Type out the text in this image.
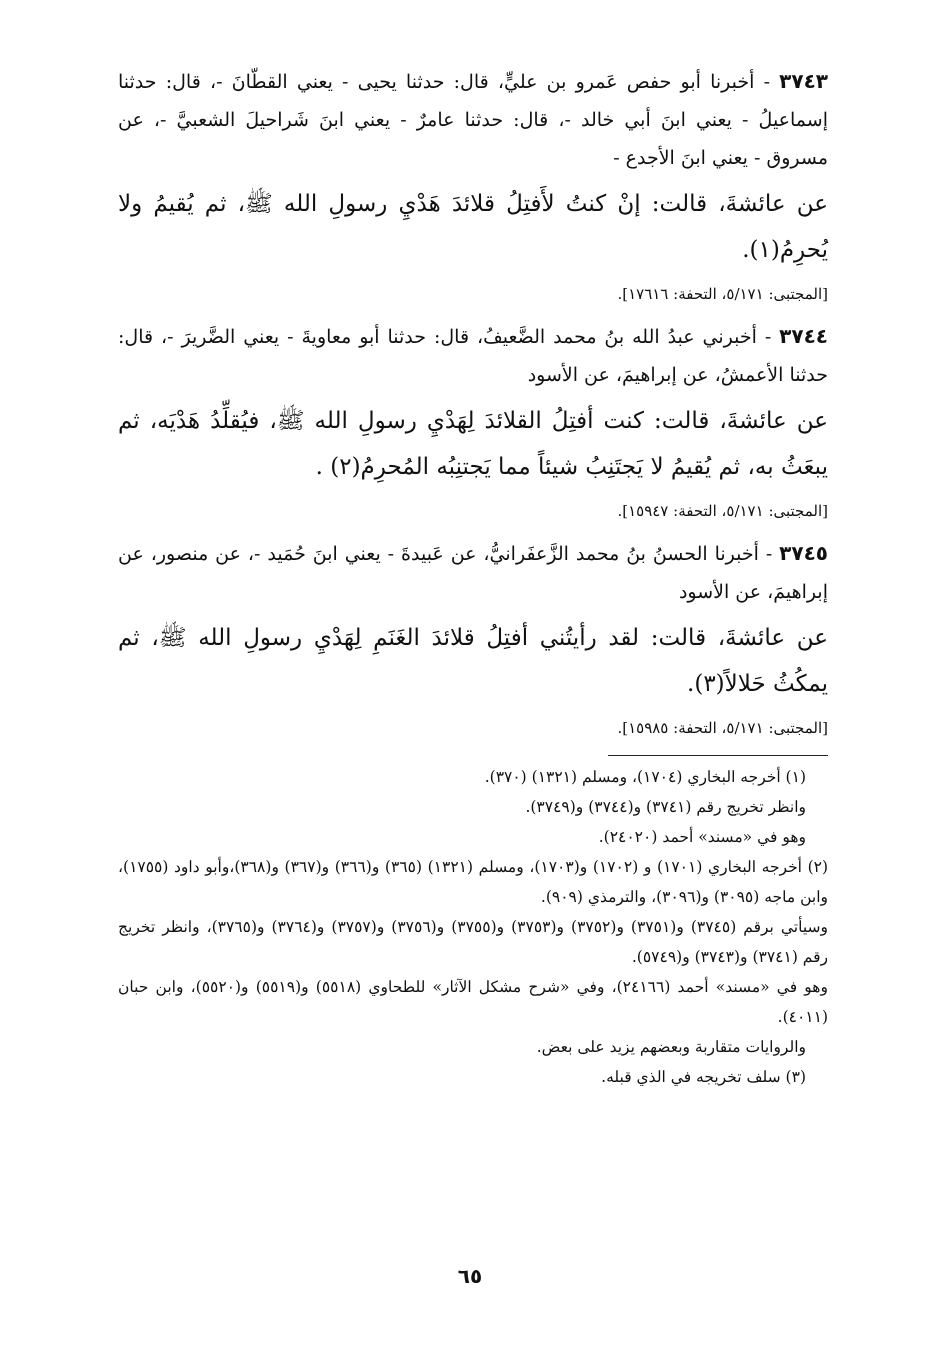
٣٧٤٣ - أخبرنا أبو حفص عَمرو بن عليٍّ، قال: حدثنا يحيى - يعني القطّانَ -، قال: حدثنا إسماعيلُ - يعني ابنَ أبي خالد -، قال: حدثنا عامرٌ - يعني ابنَ شَراحيلَ الشعبيَّ -، عن مسروق - يعني ابنَ الأجدع -

عن عائشةَ، قالت: إنْ كنتُ لأَفتِلُ قلائدَ هَدْيِ رسولِ الله ﷺ، ثم يُقيمُ ولا يُحرِمُ(١).

[المجتبى: ٥/١٧١، التحفة: ١٧٦١٦].

٣٧٤٤ - أخبرني عبدُ الله بنُ محمد الضَّعيفُ، قال: حدثنا أبو معاويةَ - يعني الضَّريرَ -، قال: حدثنا الأعمشُ، عن إبراهيمَ، عن الأسود

عن عائشةَ، قالت: كنت أفتِلُ القلائدَ لِهَدْيِ رسولِ الله ﷺ، فيُقلِّدُ هَدْيَه، ثم يبعَثُ به، ثم يُقيمُ لا يَجتَنِبُ شيئاً مما يَجتنِبُه المُحرِمُ(٢) .

[المجتبى: ٥/١٧١، التحفة: ١٥٩٤٧].

٣٧٤٥ - أخبرنا الحسنُ بنُ محمد الزَّعفَرانيُّ، عن عَبيدةَ - يعني ابنَ حُمَيد -، عن منصور، عن إبراهيمَ، عن الأسود

عن عائشةَ، قالت: لقد رأيتُني أفتِلُ قلائدَ الغَنَمِ لِهَدْيِ رسولِ الله ﷺ، ثم يمكُثُ حَلالاً(٣).

[المجتبى: ٥/١٧١، التحفة: ١٥٩٨٥].

(١) أخرجه البخاري (١٧٠٤)، ومسلم (١٣٢١) (٣٧٠).

وانظر تخريج رقم (٣٧٤١) و(٣٧٤٤) و(٣٧٤٩).

وهو في «مسند» أحمد (٢٤٠٢٠).

(٢) أخرجه البخاري (١٧٠١) و (١٧٠٢) و(١٧٠٣)، ومسلم (١٣٢١) (٣٦٥) و(٣٦٦) و(٣٦٧) و(٣٦٨)،وأبو داود (١٧٥٥)، وابن ماجه (٣٠٩٥) و(٣٠٩٦)، والترمذي (٩٠٩).

وسيأتي برقم (٣٧٤٥) و(٣٧٥١) و(٣٧٥٢) و(٣٧٥٣) و(٣٧٥٥) و(٣٧٥٦) و(٣٧٥٧) و(٣٧٦٤) و(٣٧٦٥)، وانظر تخريج رقم (٣٧٤١) و(٣٧٤٣) و(٥٧٤٩).

وهو في «مسند» أحمد (٢٤١٦٦)، وفي «شرح مشكل الآثار» للطحاوي (٥٥١٨) و(٥٥١٩) و(٥٥٢٠)، وابن حبان (٤٠١١).

والروايات متقاربة وبعضهم يزيد على بعض.

(٣) سلف تخريجه في الذي قبله.

٦٥
